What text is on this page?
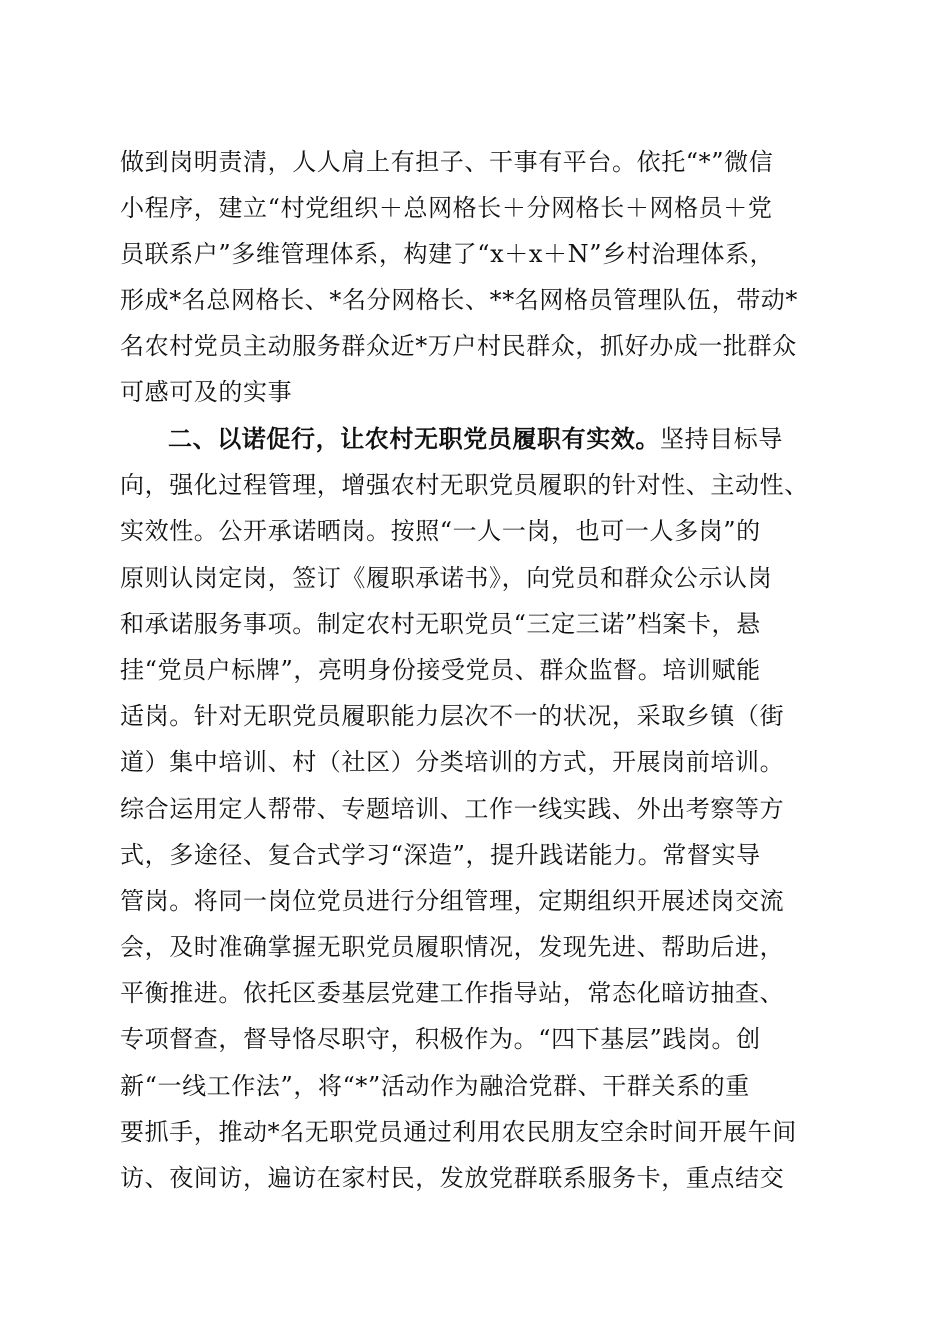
做到岗明责清，人人肩上有担子、干事有平台。依托“*”微信
小程序，建立“村党组织＋总网格长＋分网格长＋网格员＋党
员联系户”多维管理体系，构建了“x＋x＋N”乡村治理体系，
形成*名总网格长、*名分网格长、**名网格员管理队伍，带动*
名农村党员主动服务群众近*万户村民群众，抓好办成一批群众
可感可及的实事
二、以诺促行，让农村无职党员履职有实效。坚持目标导
向，强化过程管理，增强农村无职党员履职的针对性、主动性、
实效性。公开承诺晒岗。按照“一人一岗，也可一人多岗”的
原则认岗定岗，签订《履职承诺书》，向党员和群众公示认岗
和承诺服务事项。制定农村无职党员“三定三诺”档案卡，悬
挂“党员户标牌”，亮明身份接受党员、群众监督。培训赋能
适岗。针对无职党员履职能力层次不一的状况，采取乡镇（街
道）集中培训、村（社区）分类培训的方式，开展岗前培训。
综合运用定人帮带、专题培训、工作一线实践、外出考察等方
式，多途径、复合式学习“深造”，提升践诺能力。常督实导
管岗。将同一岗位党员进行分组管理，定期组织开展述岗交流
会，及时准确掌握无职党员履职情况，发现先进、帮助后进，
平衡推进。依托区委基层党建工作指导站，常态化暗访抽查、
专项督查，督导恪尽职守，积极作为。“四下基层”践岗。创
新“一线工作法”，将“*”活动作为融洽党群、干群关系的重
要抓手，推动*名无职党员通过利用农民朋友空余时间开展午间
访、夜间访，遍访在家村民，发放党群联系服务卡，重点结交
